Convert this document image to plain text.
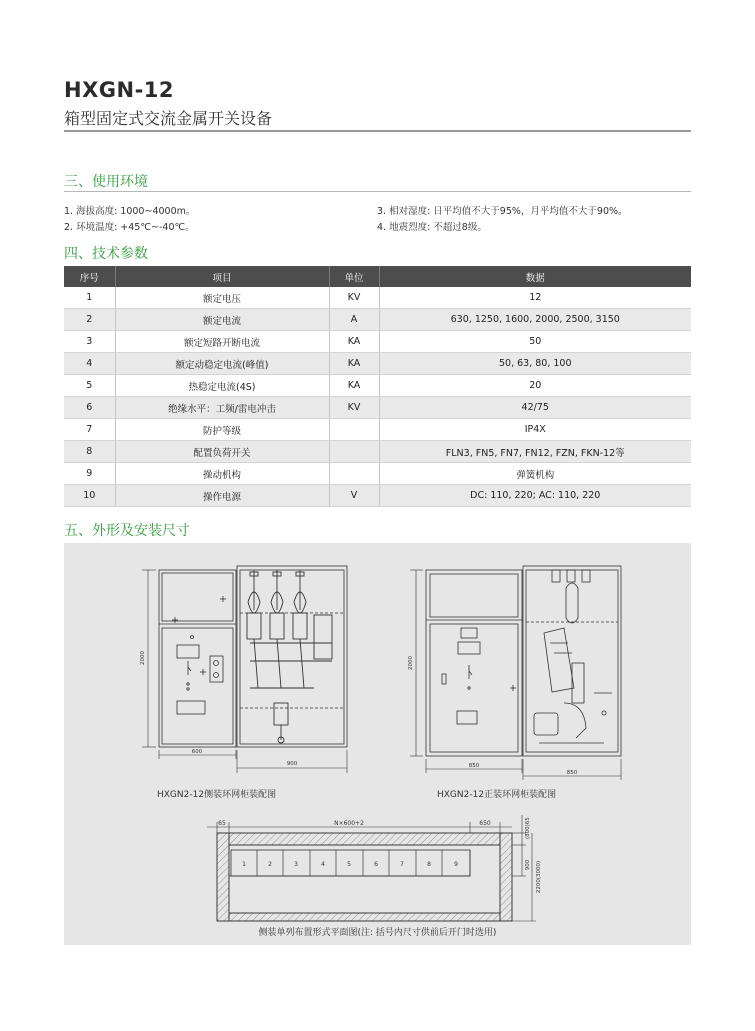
HXGN-12
箱型固定式交流金属开关设备
三、使用环境
1. 海拔高度: 1000~4000m。
2. 环境温度: +45℃~-40℃。
3. 相对湿度: 日平均值不大于95%，月平均值不大于90%。
4. 地震烈度: 不超过8级。
四、技术参数
序号	项目	单位	数据
1	额定电压	KV	12
2	额定电流	A	630, 1250, 1600, 2000, 2500, 3150
3	额定短路开断电流	KA	50
4	额定动稳定电流(峰值)	KA	50, 63, 80, 100
5	热稳定电流(4S)	KA	20
6	绝缘水平：工频/雷电冲击	KV	42/75
7	防护等级		IP4X
8	配置负荷开关		FLN3, FN5, FN7, FN12, FZN, FKN-12等
9	操动机构		弹簧机构
10	操作电源	V	DC: 110, 220; AC: 110, 220
五、外形及安装尺寸
1	2	3	4	5	6	7	8	9
65	N×600+2	650	(800)65
900 2200(3000)
2000
600
900
2000
850
850
HXGN2-12侧装环网柜装配图	HXGN2-12正装环网柜装配图
侧装单列布置形式平面图(注: 括号内尺寸供前后开门时选用)
